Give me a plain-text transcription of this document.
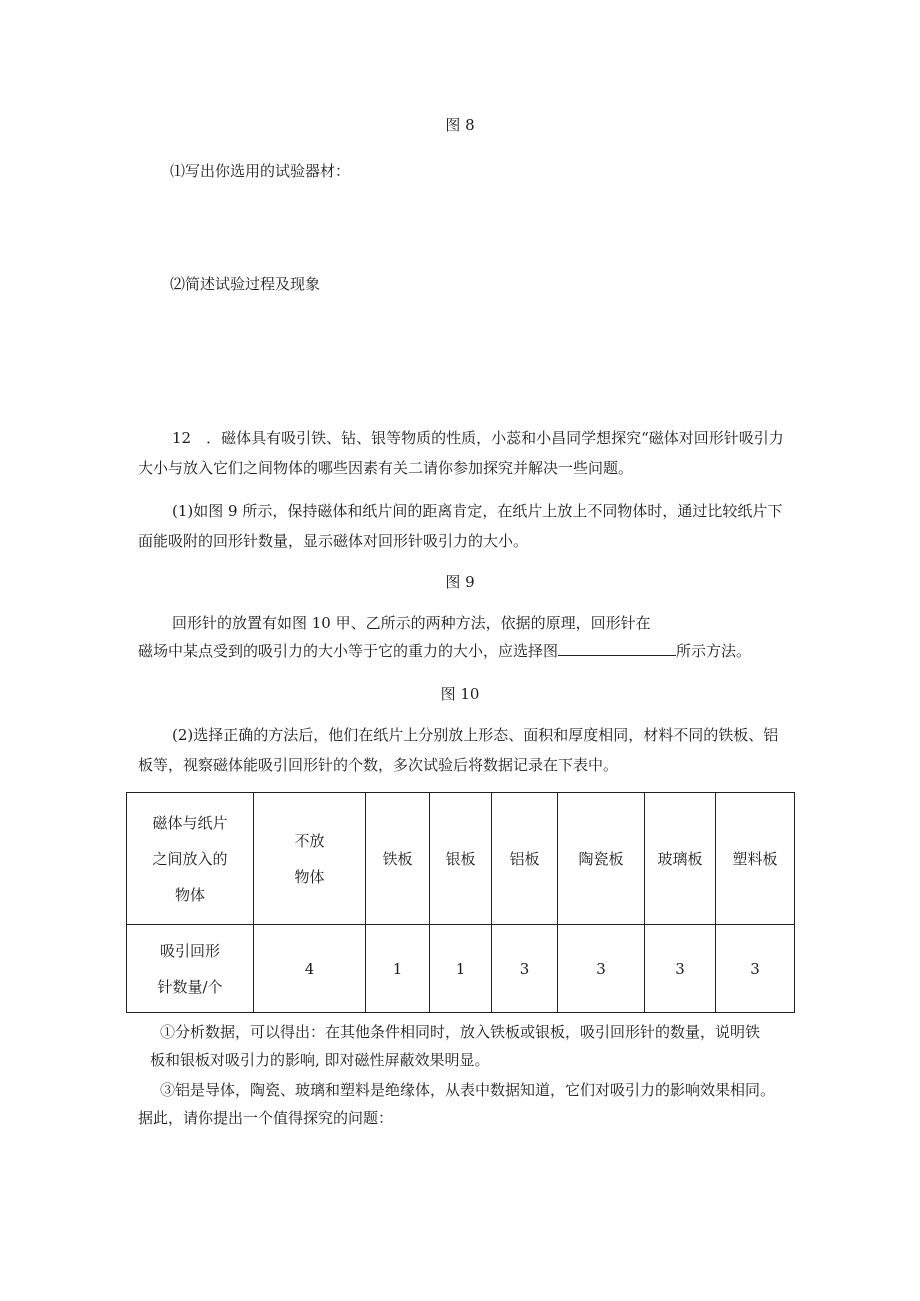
图 8
⑴写出你选用的试验器材：
⑵简述试验过程及现象
12　．磁体具有吸引铁、钻、银等物质的性质，小蕊和小昌同学想探究“磁体对回形针吸引力
大小与放入它们之间物体的哪些因素有关二请你参加探究并解决一些问题。
(1)如图 9 所示，保持磁体和纸片间的距离肯定，在纸片上放上不同物体时，通过比较纸片下
面能吸附的回形针数量，显示磁体对回形针吸引力的大小。
图 9
回形针的放置有如图 10 甲、乙所示的两种方法，依据的原理，回形针在
磁场中某点受到的吸引力的大小等于它的重力的大小，应选择图	所示方法。
图 10
(2)选择正确的方法后，他们在纸片上分别放上形态、面积和厚度相同，材料不同的铁板、铝
板等，视察磁体能吸引回形针的个数，多次试验后将数据记录在下表中。
磁体与纸片
之间放入的
物体	不放
物体	铁板	银板	铝板	陶瓷板	玻璃板	塑料板

吸引回形
针数量/个	4	1	1	3	3	3	3
①分析数据，可以得出：在其他条件相同时，放入铁板或银板，吸引回形针的数量，说明铁
板和银板对吸引力的影响, 即对磁性屏蔽效果明显。
③铝是导体，陶瓷、玻璃和塑料是绝缘体，从表中数据知道，它们对吸引力的影响效果相同。
据此，请你提出一个值得探究的问题：
